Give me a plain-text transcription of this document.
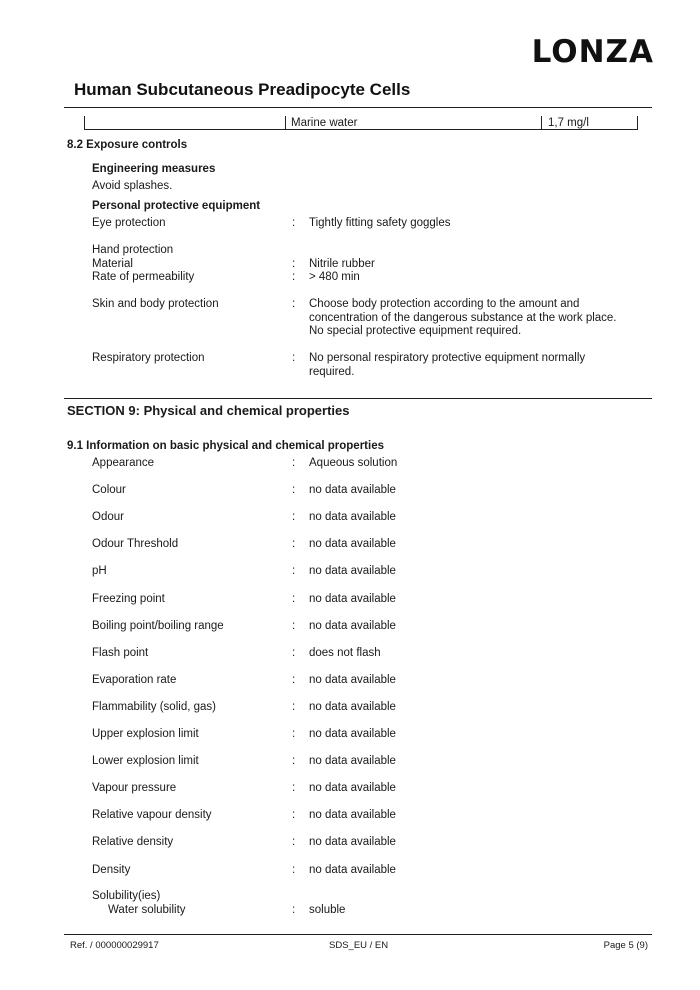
LONZA
Human Subcutaneous Preadipocyte Cells
Marine water	1,7 mg/l
8.2 Exposure controls
Engineering measures
Avoid splashes.
Personal protective equipment
Eye protection	: Tightly fitting safety goggles
Hand protection
Material	: Nitrile rubber
Rate of permeability	: > 480 min
Skin and body protection	: Choose body protection according to the amount and
concentration of the dangerous substance at the work place.
No special protective equipment required.
Respiratory protection	: No personal respiratory protective equipment normally
required.
SECTION 9: Physical and chemical properties
9.1 Information on basic physical and chemical properties
Appearance	: Aqueous solution
Colour	: no data available
Odour	: no data available
Odour Threshold	: no data available
pH	: no data available
Freezing point	: no data available
Boiling point/boiling range	: no data available
Flash point	: does not flash
Evaporation rate	: no data available
Flammability (solid, gas)	: no data available
Upper explosion limit	: no data available
Lower explosion limit	: no data available
Vapour pressure	: no data available
Relative vapour density	: no data available
Relative density	: no data available
Density	: no data available
Solubility(ies)
Water solubility	: soluble
Ref. / 000000029917	SDS_EU / EN	Page 5 (9)
